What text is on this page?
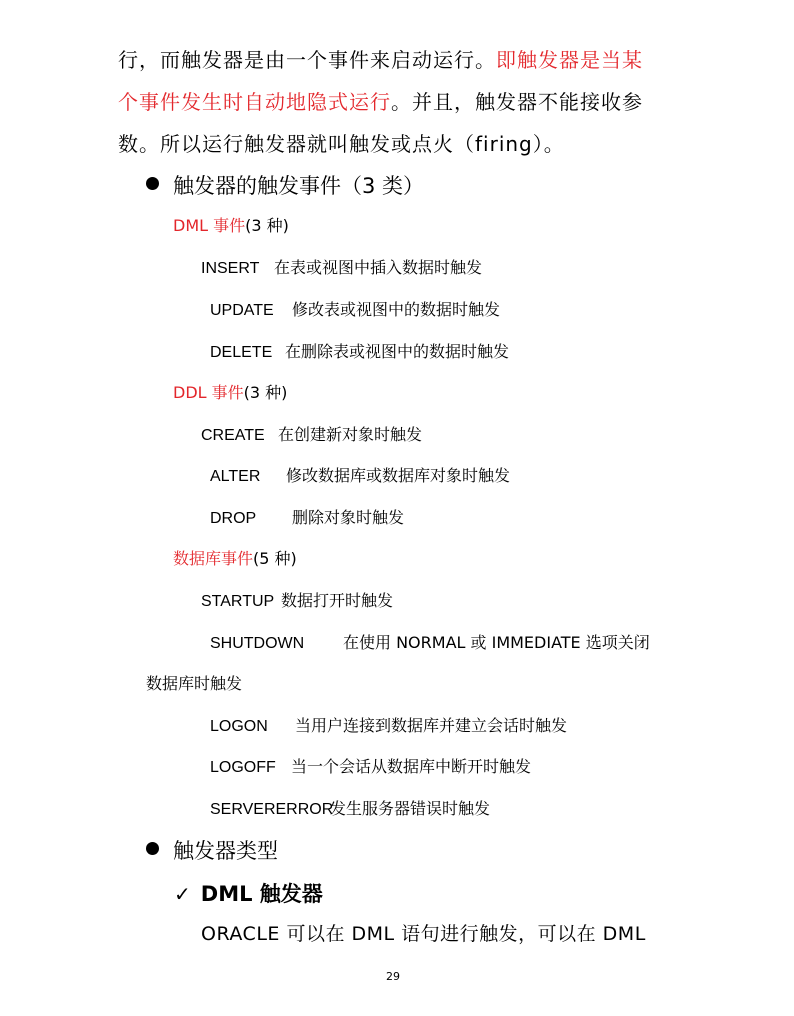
行，而触发器是由一个事件来启动运行。即触发器是当某
个事件发生时自动地隐式运行。并且，触发器不能接收参
数。所以运行触发器就叫触发或点火（firing）。
触发器的触发事件（3 类）
DML 事件(3 种)
INSERT 在表或视图中插入数据时触发
UPDATE 修改表或视图中的数据时触发
DELETE 在删除表或视图中的数据时触发
DDL 事件(3 种)
CREATE 在创建新对象时触发
ALTER 修改数据库或数据库对象时触发
DROP 删除对象时触发
数据库事件(5 种)
STARTUP 数据打开时触发
SHUTDOWN 在使用 NORMAL 或 IMMEDIATE 选项关闭
数据库时触发
LOGON 当用户连接到数据库并建立会话时触发
LOGOFF 当一个会话从数据库中断开时触发
SERVERERROR发生服务器错误时触发
触发器类型
✓ DML 触发器
ORACLE 可以在 DML 语句进行触发，可以在 DML
29
